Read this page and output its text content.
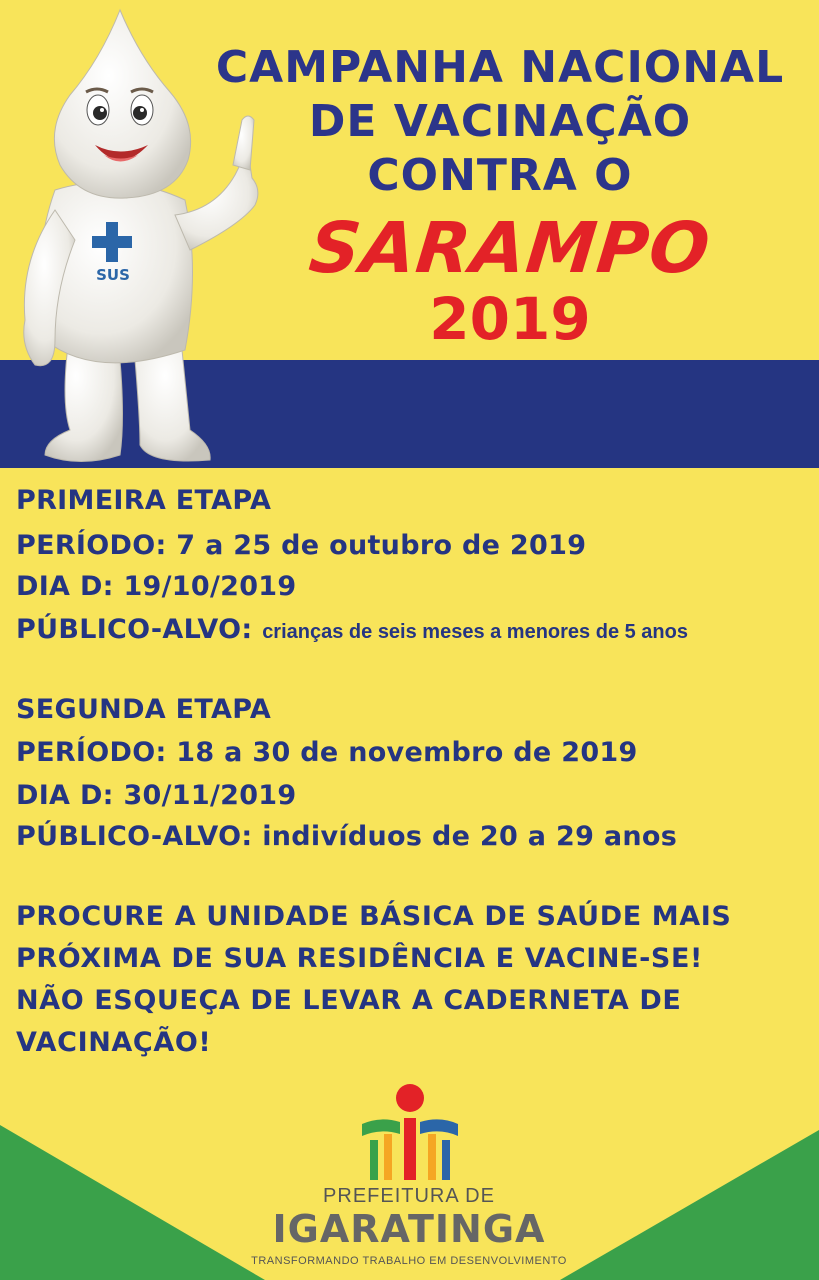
SUS
CAMPANHA NACIONAL
DE VACINAÇÃO
CONTRA O
SARAMPO
2019
PRIMEIRA ETAPA
PERÍODO: 7 a 25 de outubro de 2019
DIA D: 19/10/2019
PÚBLICO-ALVO: crianças de seis meses a menores de 5 anos
SEGUNDA ETAPA
PERÍODO: 18 a 30 de novembro de 2019
DIA D: 30/11/2019
PÚBLICO-ALVO: indivíduos de 20 a 29 anos
PROCURE A UNIDADE BÁSICA DE SAÚDE MAIS
PRÓXIMA DE SUA RESIDÊNCIA E VACINE-SE!
NÃO ESQUEÇA DE LEVAR A CADERNETA DE
VACINAÇÃO!
PREFEITURA DE
IGARATINGA
TRANSFORMANDO TRABALHO EM DESENVOLVIMENTO
